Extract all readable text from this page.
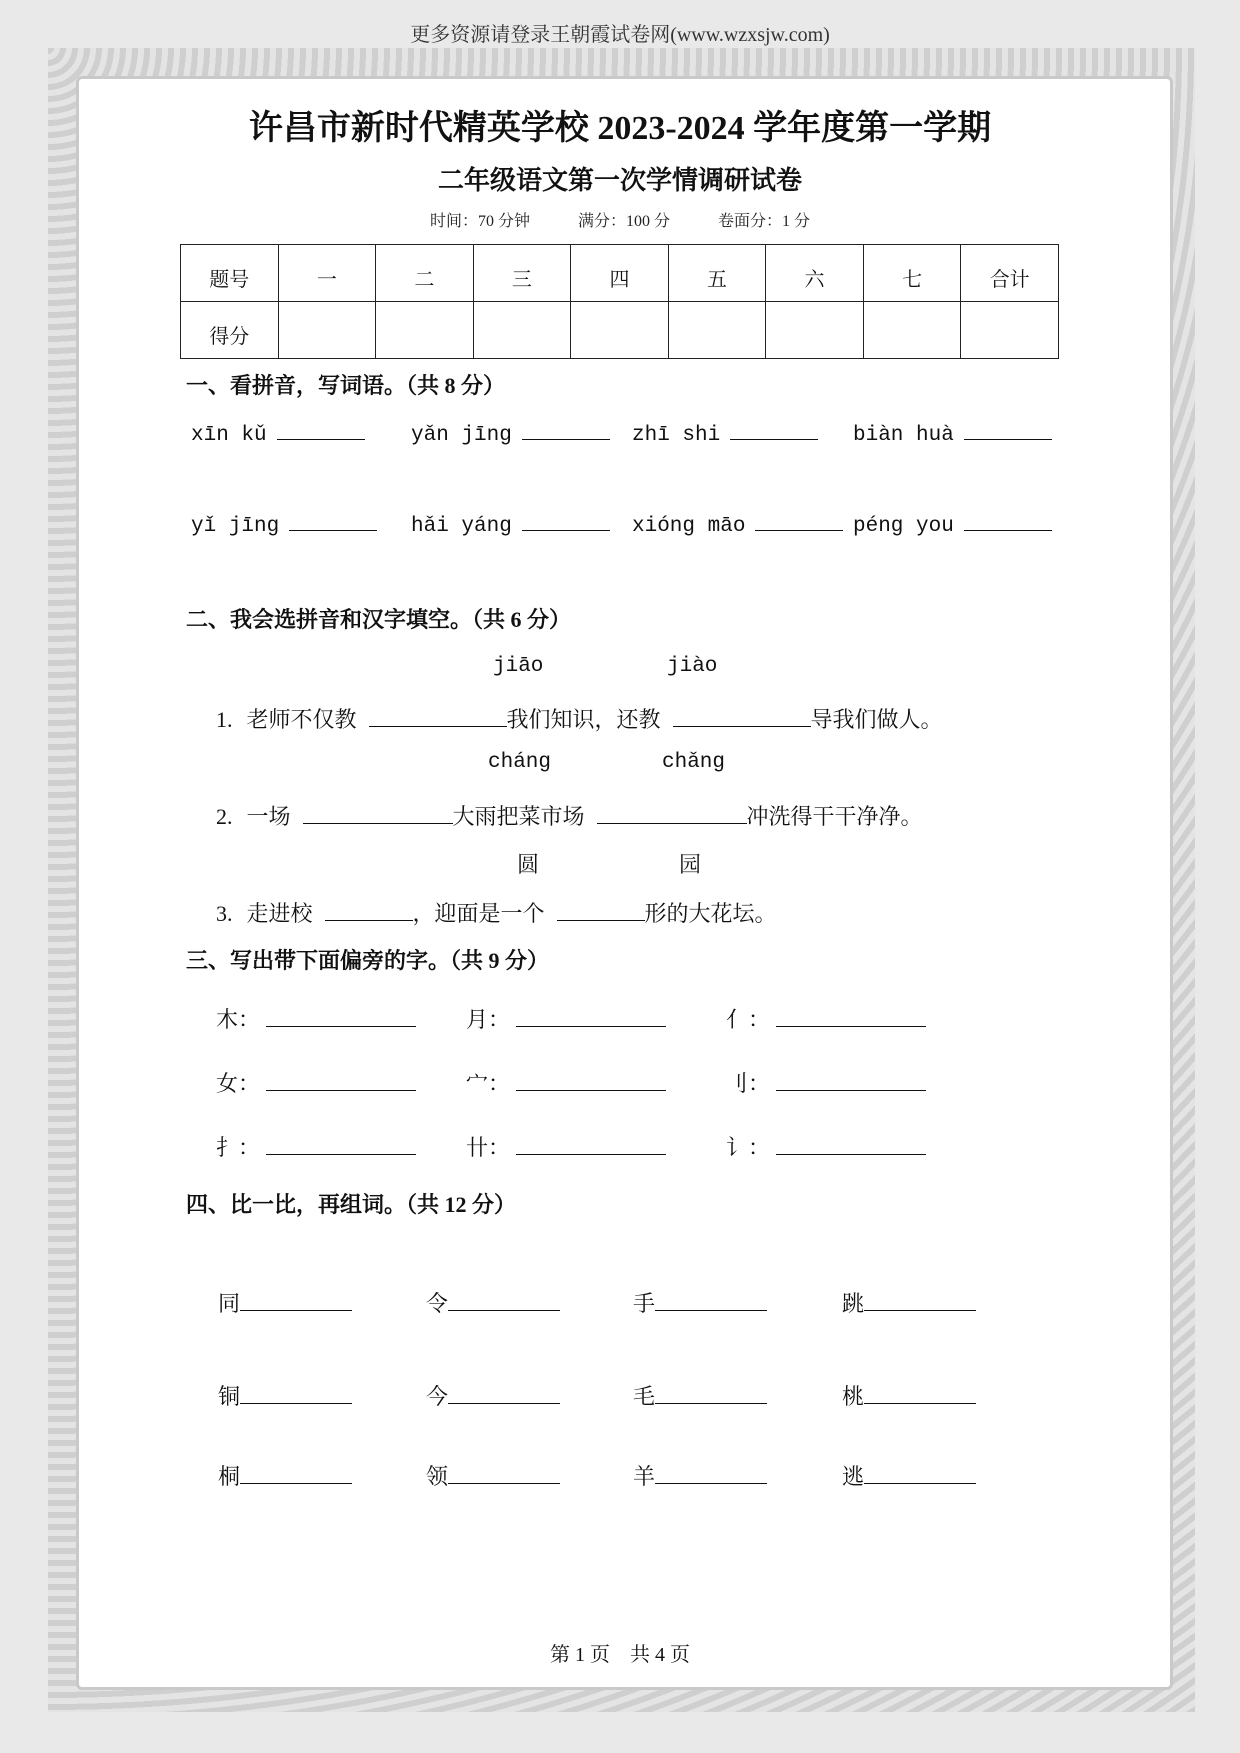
更多资源请登录王朝霞试卷网(www.wzxsjw.com)
许昌市新时代精英学校 2023-2024 学年度第一学期
二年级语文第一次学情调研试卷
时间：70 分钟	满分：100 分	卷面分：1 分
题号	一	二	三	四	五	六	七	合计
得分								
一、看拼音，写词语。（共 8 分）
xīn kǔ	yǎn jīng	zhī shi	biàn huà
yǐ jīng	hǎi yáng	xióng māo	péng you
二、我会选拼音和汉字填空。（共 6 分）
jiāo	jiào
1. 老师不仅教	我们知识，还教	导我们做人。
cháng	chǎng
2. 一场	大雨把菜市场	冲洗得干干净净。
圆	园
3. 走进校	，迎面是一个	形的大花坛。
三、写出带下面偏旁的字。（共 9 分）
木：	月：	亻：
女：	宀：	刂：
扌：	卄：	讠：
四、比一比，再组词。（共 12 分）
同	令	手	跳
铜	今	毛	桃
桐	领	羊	逃
第 1 页　共 4 页
